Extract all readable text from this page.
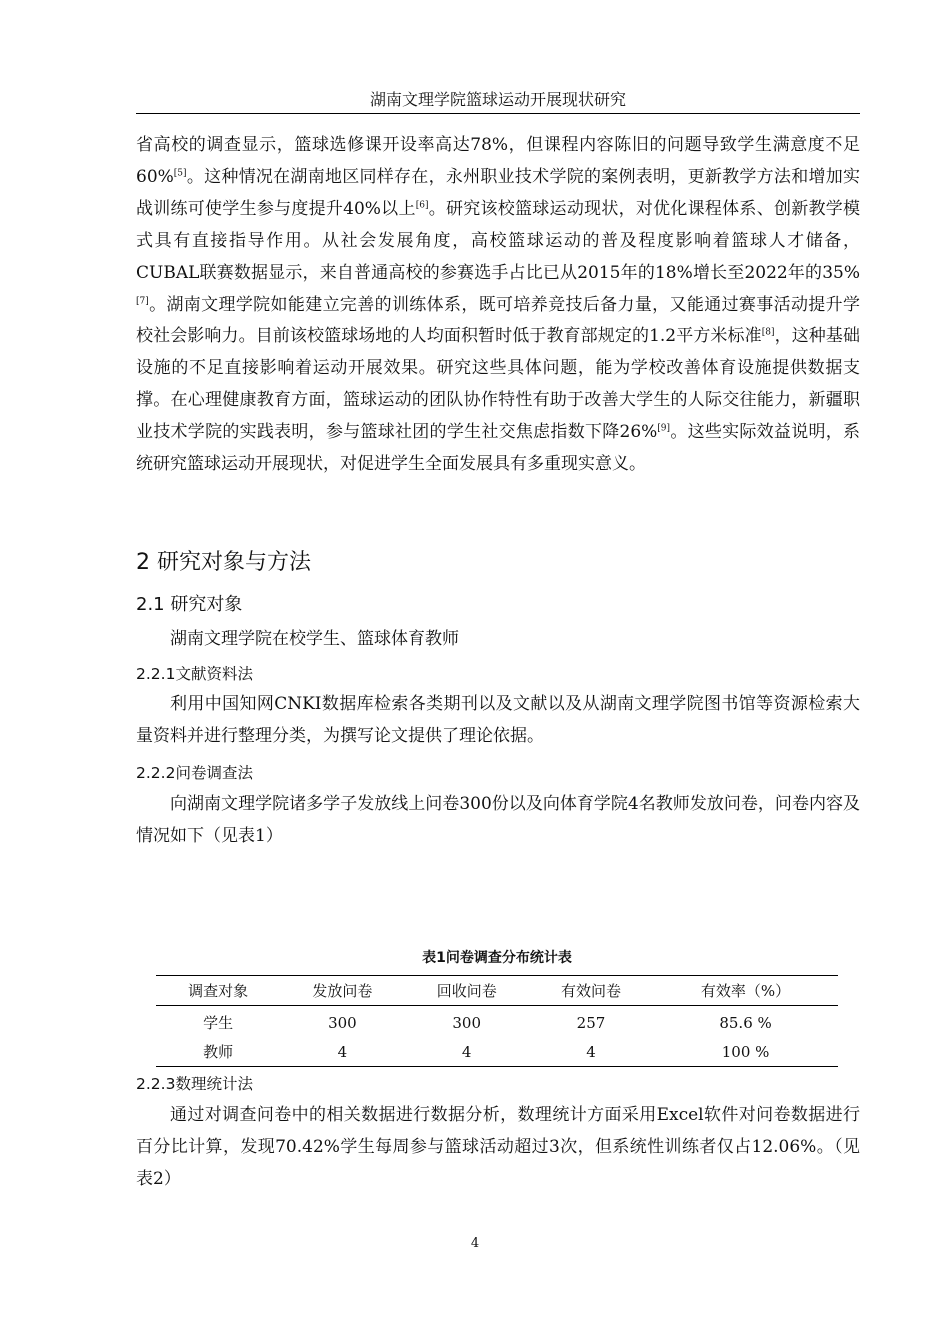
湖南文理学院篮球运动开展现状研究

省高校的调查显示，篮球选修课开设率高达78%，但课程内容陈旧的问题导致学生满意度不足60%[5]。这种情况在湖南地区同样存在，永州职业技术学院的案例表明，更新教学方法和增加实战训练可使学生参与度提升40%以上[6]。研究该校篮球运动现状，对优化课程体系、创新教学模式具有直接指导作用。从社会发展角度，高校篮球运动的普及程度影响着篮球人才储备，CUBAL联赛数据显示，来自普通高校的参赛选手占比已从2015年的18%增长至2022年的35%[7]。湖南文理学院如能建立完善的训练体系，既可培养竞技后备力量，又能通过赛事活动提升学校社会影响力。目前该校篮球场地的人均面积暂时低于教育部规定的1.2平方米标准[8]，这种基础设施的不足直接影响着运动开展效果。研究这些具体问题，能为学校改善体育设施提供数据支撑。在心理健康教育方面，篮球运动的团队协作特性有助于改善大学生的人际交往能力，新疆职业技术学院的实践表明，参与篮球社团的学生社交焦虑指数下降26%[9]。这些实际效益说明，系统研究篮球运动开展现状，对促进学生全面发展具有多重现实意义。

2 研究对象与方法
2.1 研究对象

湖南文理学院在校学生、篮球体育教师

2.2.1文献资料法

利用中国知网CNKI数据库检索各类期刊以及文献以及从湖南文理学院图书馆等资源检索大量资料并进行整理分类，为撰写论文提供了理论依据。

2.2.2问卷调查法

向湖南文理学院诸多学子发放线上问卷300份以及向体育学院4名教师发放问卷，问卷内容及情况如下（见表1）

表1问卷调查分布统计表
调查对象	发放问卷	回收问卷	有效问卷	有效率（%）
学生	300	300	257	85.6 %
教师	4	4	4	100 %
2.2.3数理统计法

通过对调查问卷中的相关数据进行数据分析，数理统计方面采用Excel软件对问卷数据进行百分比计算，发现70.42%学生每周参与篮球活动超过3次，但系统性训练者仅占12.06%。（见表2）

4
